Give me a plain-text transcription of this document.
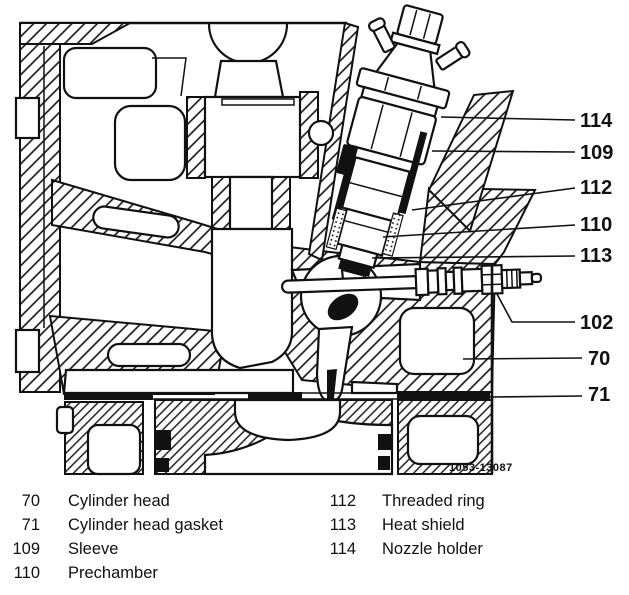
114
109
112
110
113
102
70
71
1053-13087
70 Cylinder head
71 Cylinder head gasket
109 Sleeve
110 Prechamber
112 Threaded ring
113 Heat shield
114 Nozzle holder
